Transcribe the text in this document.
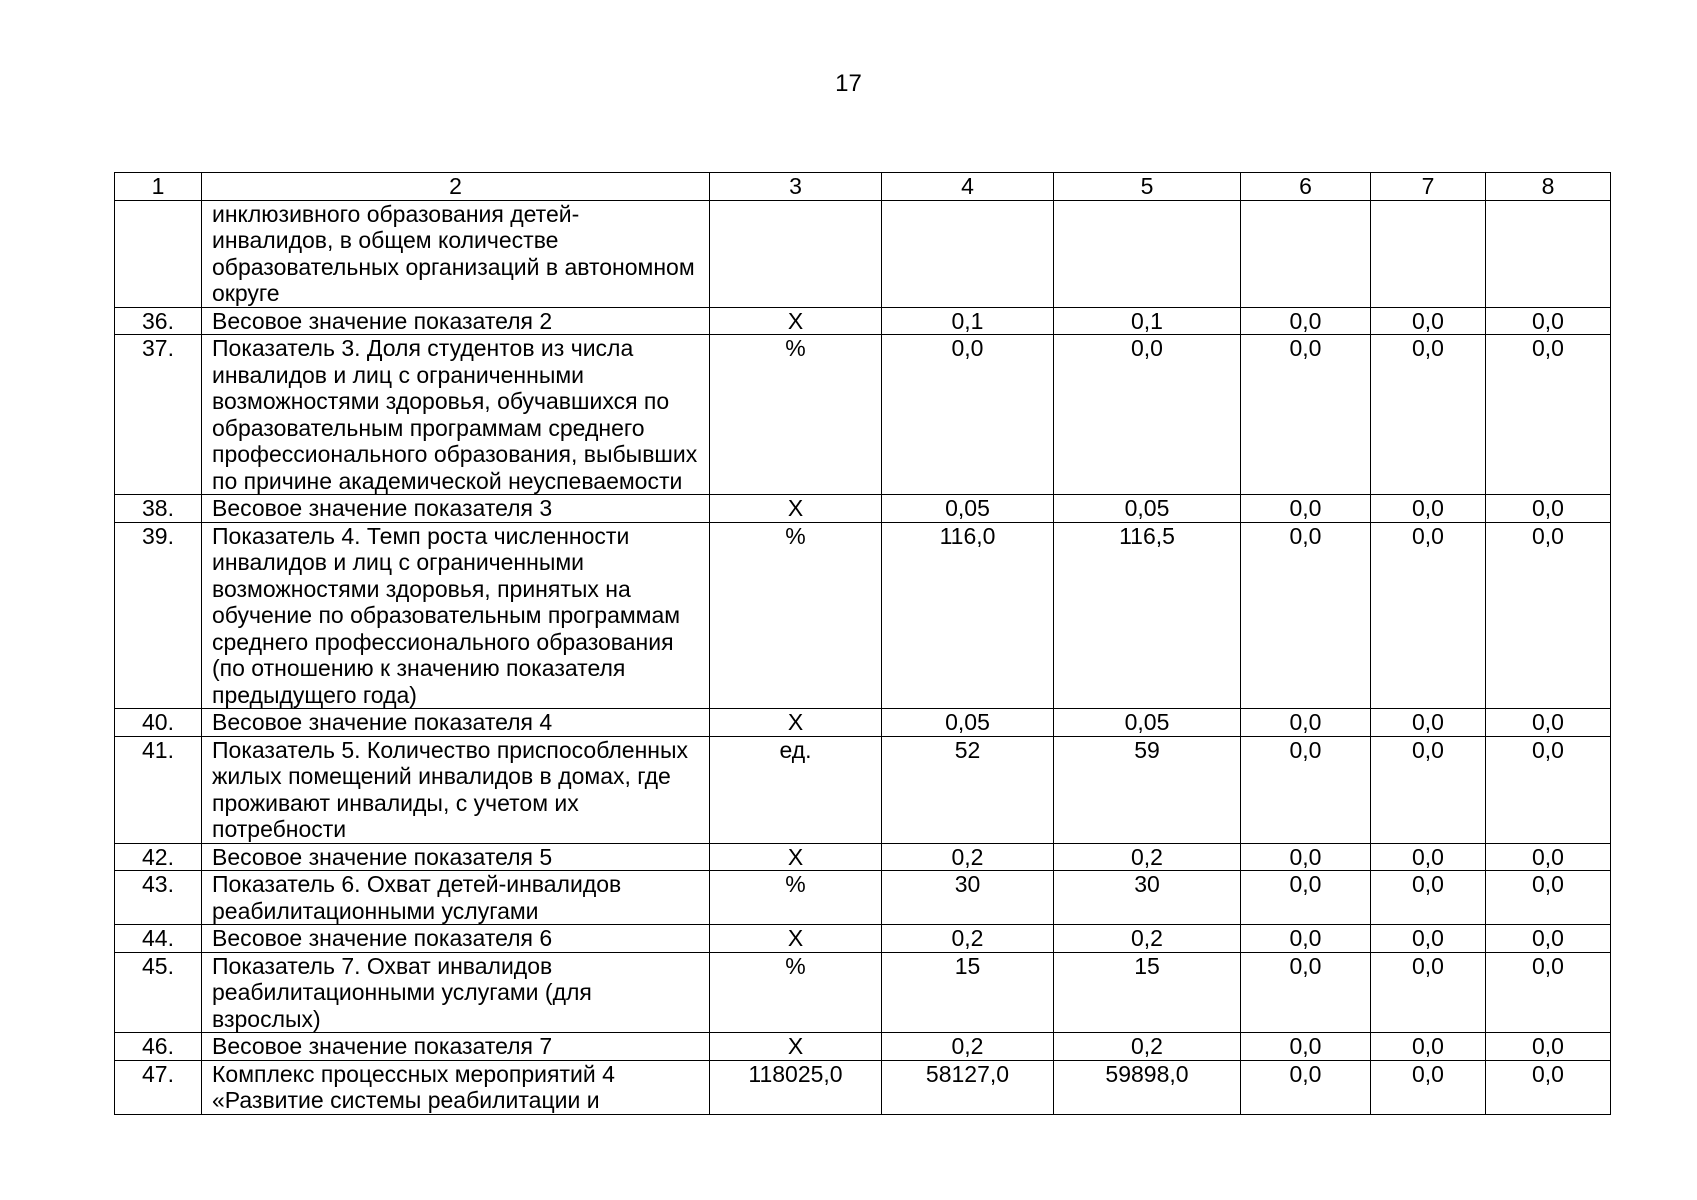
17
1	2	3	4	5	6	7	8
	инклюзивного образования детей-инвалидов, в общем количестве образовательных организаций в автономном округе						
36.	Весовое значение показателя 2	Х	0,1	0,1	0,0	0,0	0,0
37.	Показатель 3. Доля студентов из числа инвалидов и лиц с ограниченными возможностями здоровья, обучавшихся по образовательным программам среднего профессионального образования, выбывших по причине академической неуспеваемости	%	0,0	0,0	0,0	0,0	0,0
38.	Весовое значение показателя 3	Х	0,05	0,05	0,0	0,0	0,0
39.	Показатель 4. Темп роста численности инвалидов и лиц с ограниченными возможностями здоровья, принятых на обучение по образовательным программам среднего профессионального образования (по отношению к значению показателя предыдущего года)	%	116,0	116,5	0,0	0,0	0,0
40.	Весовое значение показателя 4	Х	0,05	0,05	0,0	0,0	0,0
41.	Показатель 5. Количество приспособленных жилых помещений инвалидов в домах, где проживают инвалиды, с учетом их потребности	ед.	52	59	0,0	0,0	0,0
42.	Весовое значение показателя 5	Х	0,2	0,2	0,0	0,0	0,0
43.	Показатель 6. Охват детей-инвалидов реабилитационными услугами	%	30	30	0,0	0,0	0,0
44.	Весовое значение показателя 6	Х	0,2	0,2	0,0	0,0	0,0
45.	Показатель 7. Охват инвалидов реабилитационными услугами (для взрослых)	%	15	15	0,0	0,0	0,0
46.	Весовое значение показателя 7	Х	0,2	0,2	0,0	0,0	0,0
47.	Комплекс процессных мероприятий 4 «Развитие системы реабилитации и	118025,0	58127,0	59898,0	0,0	0,0	0,0
